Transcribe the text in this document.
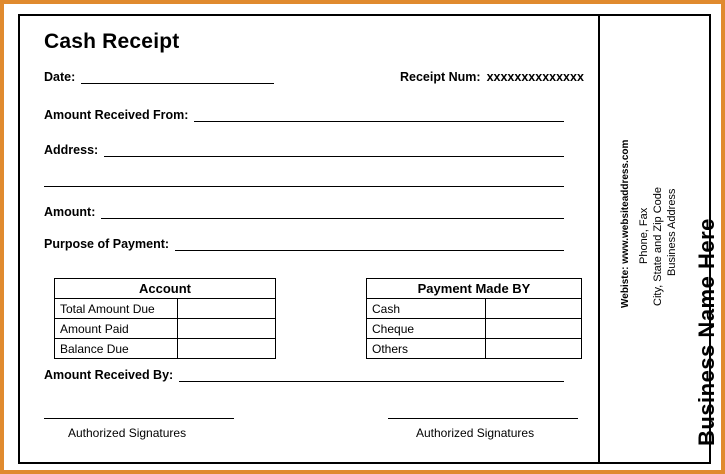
Cash Receipt
Date:	Receipt Num: xxxxxxxxxxxxxx
Amount Received From:
Address:
Amount:
Purpose of Payment:
Account	
Total Amount Due	
Amount Paid	
Balance Due	
Payment Made BY	
Cash	
Cheque	
Others	
Amount Received By:
Authorized Signatures	Authorized Signatures	Business Name Here
Business Address
City, State and Zip Code
Phone, Fax
Webiste: www.websiteaddress.com
